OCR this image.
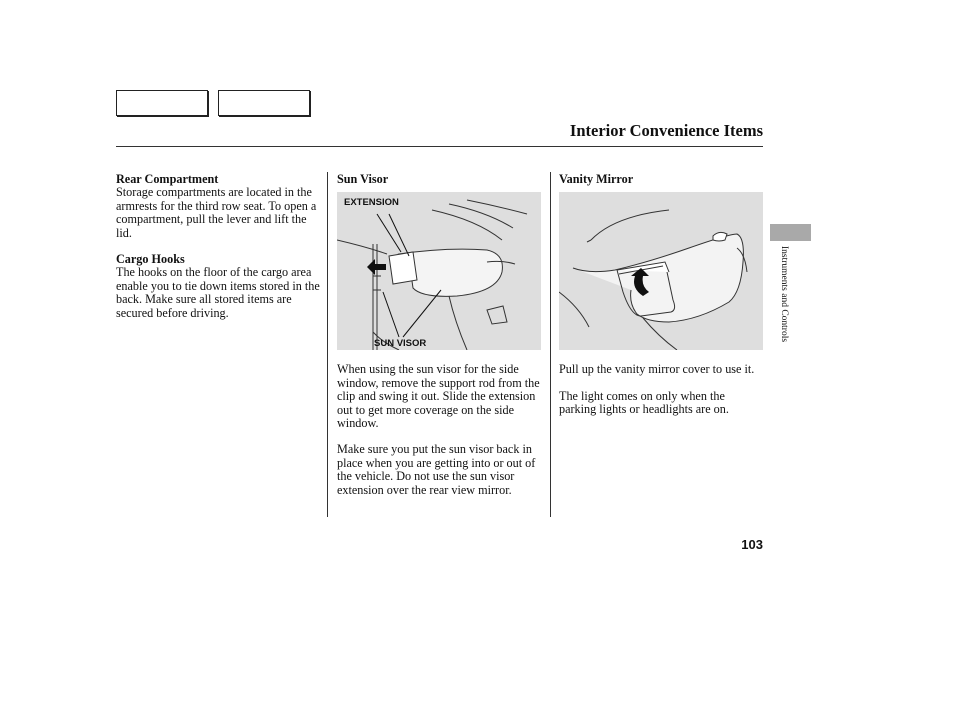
Interior Convenience Items
Rear Compartment

Storage compartments are located in the armrests for the third row seat. To open a compartment, pull the lever and lift the lid.

Cargo Hooks

The hooks on the floor of the cargo area enable you to tie down items stored in the back. Make sure all stored items are secured before driving.

Sun Visor
EXTENSION
SUN VISOR

When using the sun visor for the side window, remove the support rod from the clip and swing it out. Slide the extension out to get more coverage on the side window.

Make sure you put the sun visor back in place when you are getting into or out of the vehicle. Do not use the sun visor extension over the rear view mirror.

Vanity Mirror

Pull up the vanity mirror cover to use it.

The light comes on only when the parking lights or headlights are on.

Instruments and Controls
103
